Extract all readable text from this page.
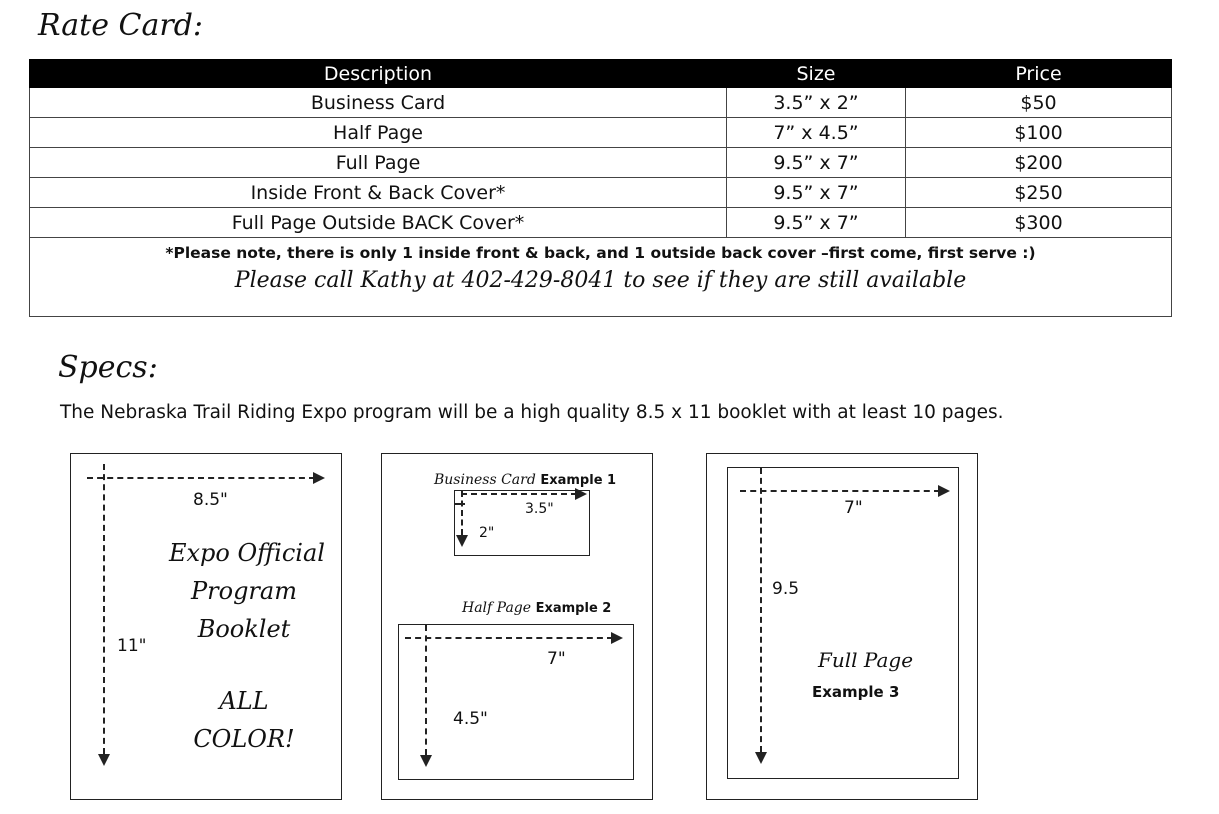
Rate Card:
Description	Size	Price
Business Card	3.5” x 2”	$50
Half Page	7” x 4.5”	$100
Full Page	9.5” x 7”	$200
Inside Front & Back Cover*	9.5” x 7”	$250
Full Page Outside BACK Cover*	9.5” x 7”	$300

*Please note, there is only 1 inside front & back, and 1 outside back cover –first come, first serve :)
Please call Kathy at 402-429-8041 to see if they are still available		
Specs:
The Nebraska Trail Riding Expo program will be a high quality 8.5 x 11 booklet with at least 10 pages.
8.5"
11"
Expo Official
Program
Booklet
ALL
COLOR!
Business Card Example 1
3.5"
2"
Half Page Example 2
7"
4.5"
7"
9.5
Full Page
Example 3
